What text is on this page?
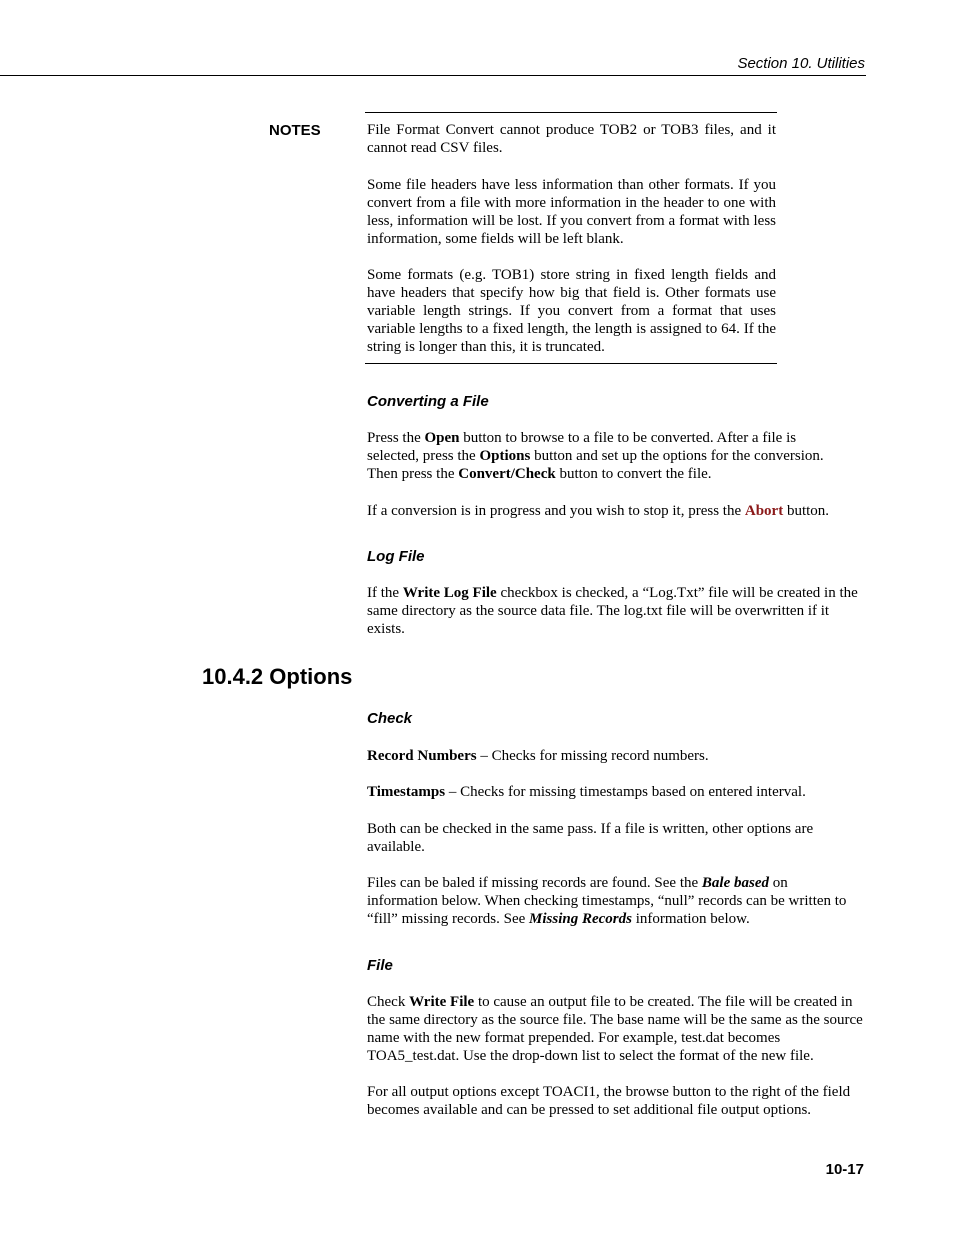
Section 10. Utilities
NOTES	File Format Convert cannot produce TOB2 or TOB3 files, and it cannot read CSV files.

Some file headers have less information than other formats. If you convert from a file with more information in the header to one with less, information will be lost. If you convert from a format with less information, some fields will be left blank.

Some formats (e.g. TOB1) store string in fixed length fields and have headers that specify how big that field is. Other formats use variable length strings. If you convert from a format that uses variable lengths to a fixed length, the length is assigned to 64. If the string is longer than this, it is truncated.

Converting a File

Press the Open button to browse to a file to be converted. After a file is selected, press the Options button and set up the options for the conversion. Then press the Convert/Check button to convert the file.

If a conversion is in progress and you wish to stop it, press the Abort button.

Log File

If the Write Log File checkbox is checked, a “Log.Txt” file will be created in the same directory as the source data file. The log.txt file will be overwritten if it exists.

10.4.2 Options
Check

Record Numbers – Checks for missing record numbers.

Timestamps – Checks for missing timestamps based on entered interval.

Both can be checked in the same pass. If a file is written, other options are available.

Files can be baled if missing records are found. See the Bale based on information below. When checking timestamps, “null” records can be written to “fill” missing records. See Missing Records information below.

File

Check Write File to cause an output file to be created. The file will be created in the same directory as the source file. The base name will be the same as the source name with the new format prepended. For example, test.dat becomes TOA5_test.dat. Use the drop-down list to select the format of the new file.

For all output options except TOACI1, the browse button to the right of the field becomes available and can be pressed to set additional file output options.

10-17
